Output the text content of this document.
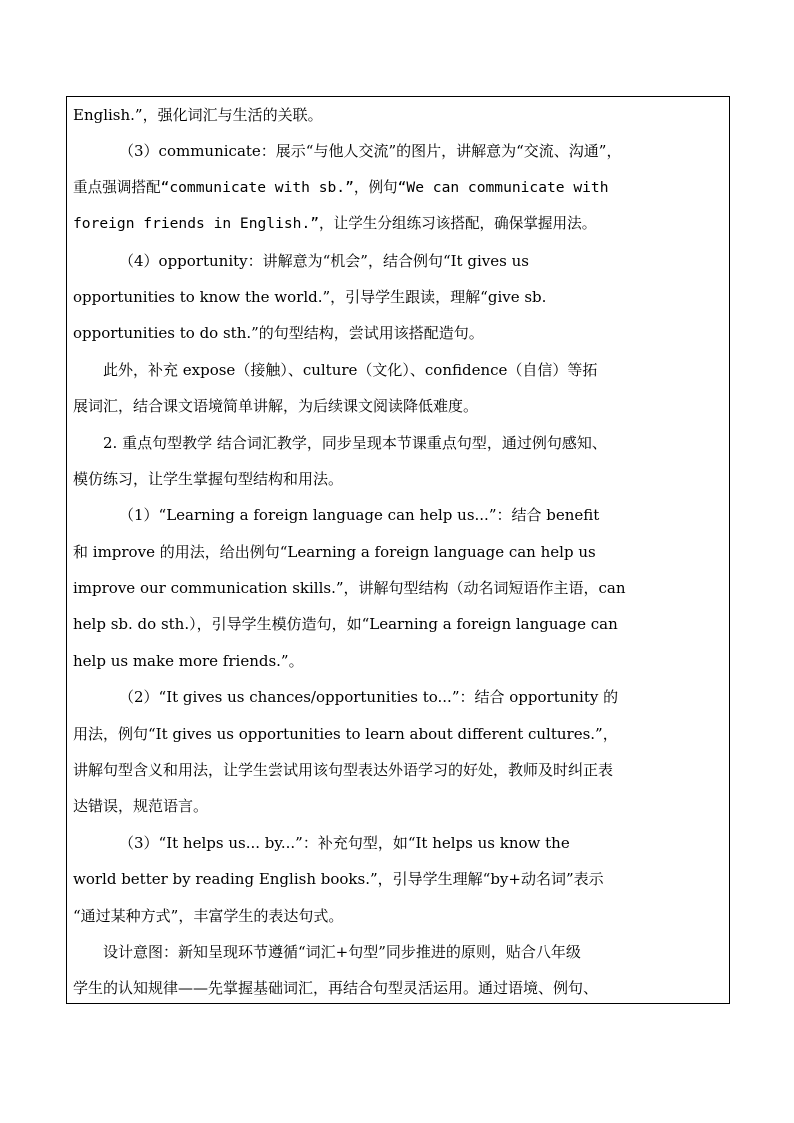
English.”，强化词汇与生活的关联。
（3）communicate：展示“与他人交流”的图片，讲解意为“交流、沟通”，
重点强调搭配“communicate with sb.”，例句“We can communicate with
foreign friends in English.”，让学生分组练习该搭配，确保掌握用法。
（4）opportunity：讲解意为“机会”，结合例句“It gives us
opportunities to know the world.”，引导学生跟读，理解“give sb.
opportunities to do sth.”的句型结构，尝试用该搭配造句。
此外，补充 expose（接触）、culture（文化）、confidence（自信）等拓
展词汇，结合课文语境简单讲解，为后续课文阅读降低难度。
2. 重点句型教学 结合词汇教学，同步呈现本节课重点句型，通过例句感知、
模仿练习，让学生掌握句型结构和用法。
（1）“Learning a foreign language can help us...”：结合 benefit
和 improve 的用法，给出例句“Learning a foreign language can help us
improve our communication skills.”，讲解句型结构（动名词短语作主语，can
help sb. do sth.），引导学生模仿造句，如“Learning a foreign language can
help us make more friends.”。
（2）“It gives us chances/opportunities to...”：结合 opportunity 的
用法，例句“It gives us opportunities to learn about different cultures.”，
讲解句型含义和用法，让学生尝试用该句型表达外语学习的好处，教师及时纠正表
达错误，规范语言。
（3）“It helps us... by...”：补充句型，如“It helps us know the
world better by reading English books.”，引导学生理解“by+动名词”表示
“通过某种方式”，丰富学生的表达句式。
设计意图：新知呈现环节遵循“词汇+句型”同步推进的原则，贴合八年级
学生的认知规律——先掌握基础词汇，再结合句型灵活运用。通过语境、例句、
